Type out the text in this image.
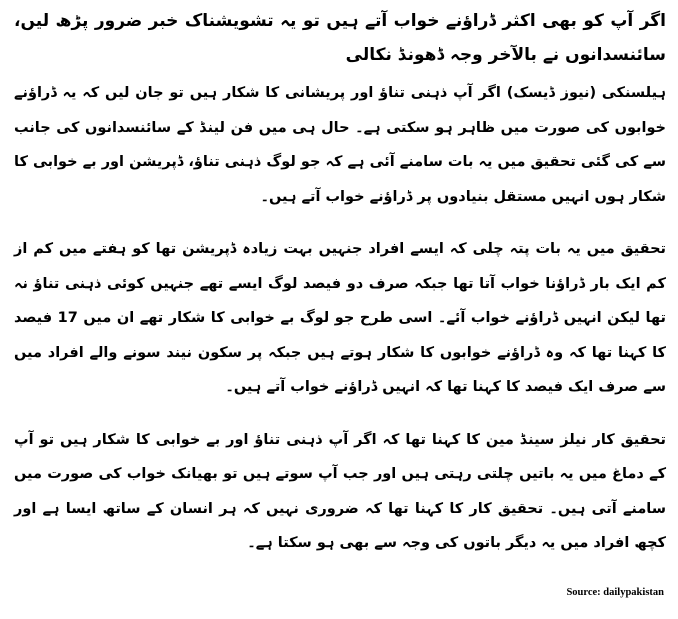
اگر آپ کو بھی اکثر ڈراؤنے خواب آتے ہیں تو یہ تشویشناک خبر ضرور پڑھ لیں، سائنسدانوں نے بالآخر وجہ ڈھونڈ نکالی

ہیلسنکی (نیوز ڈیسک) اگر آپ ذہنی تناؤ اور پریشانی کا شکار ہیں تو جان لیں کہ یہ ڈراؤنے خوابوں کی صورت میں ظاہر ہو سکتی ہے۔ حال ہی میں فن لینڈ کے سائنسدانوں کی جانب سے کی گئی تحقیق میں یہ بات سامنے آئی ہے کہ جو لوگ ذہنی تناؤ، ڈپریشن اور بے خوابی کا شکار ہوں انہیں مستقل بنیادوں پر ڈراؤنے خواب آتے ہیں۔

تحقیق میں یہ بات پتہ چلی کہ ایسے افراد جنہیں بہت زیادہ ڈپریشن تھا کو ہفتے میں کم از کم ایک بار ڈراؤنا خواب آتا تھا جبکہ صرف دو فیصد لوگ ایسے تھے جنہیں کوئی ذہنی تناؤ نہ تھا لیکن انہیں ڈراؤنے خواب آئے۔ اسی طرح جو لوگ بے خوابی کا شکار تھے ان میں 17 فیصد کا کہنا تھا کہ وہ ڈراؤنے خوابوں کا شکار ہوتے ہیں جبکہ پر سکون نیند سونے والے افراد میں سے صرف ایک فیصد کا کہنا تھا کہ انہیں ڈراؤنے خواب آتے ہیں۔

تحقیق کار نیلز سینڈ مین کا کہنا تھا کہ اگر آپ ذہنی تناؤ اور بے خوابی کا شکار ہیں تو آپ کے دماغ میں یہ باتیں چلتی رہتی ہیں اور جب آپ سوتے ہیں تو بھیانک خواب کی صورت میں سامنے آتی ہیں۔ تحقیق کار کا کہنا تھا کہ ضروری نہیں کہ ہر انسان کے ساتھ ایسا ہے اور کچھ افراد میں یہ دیگر باتوں کی وجہ سے بھی ہو سکتا ہے۔

Source: dailypakistan
